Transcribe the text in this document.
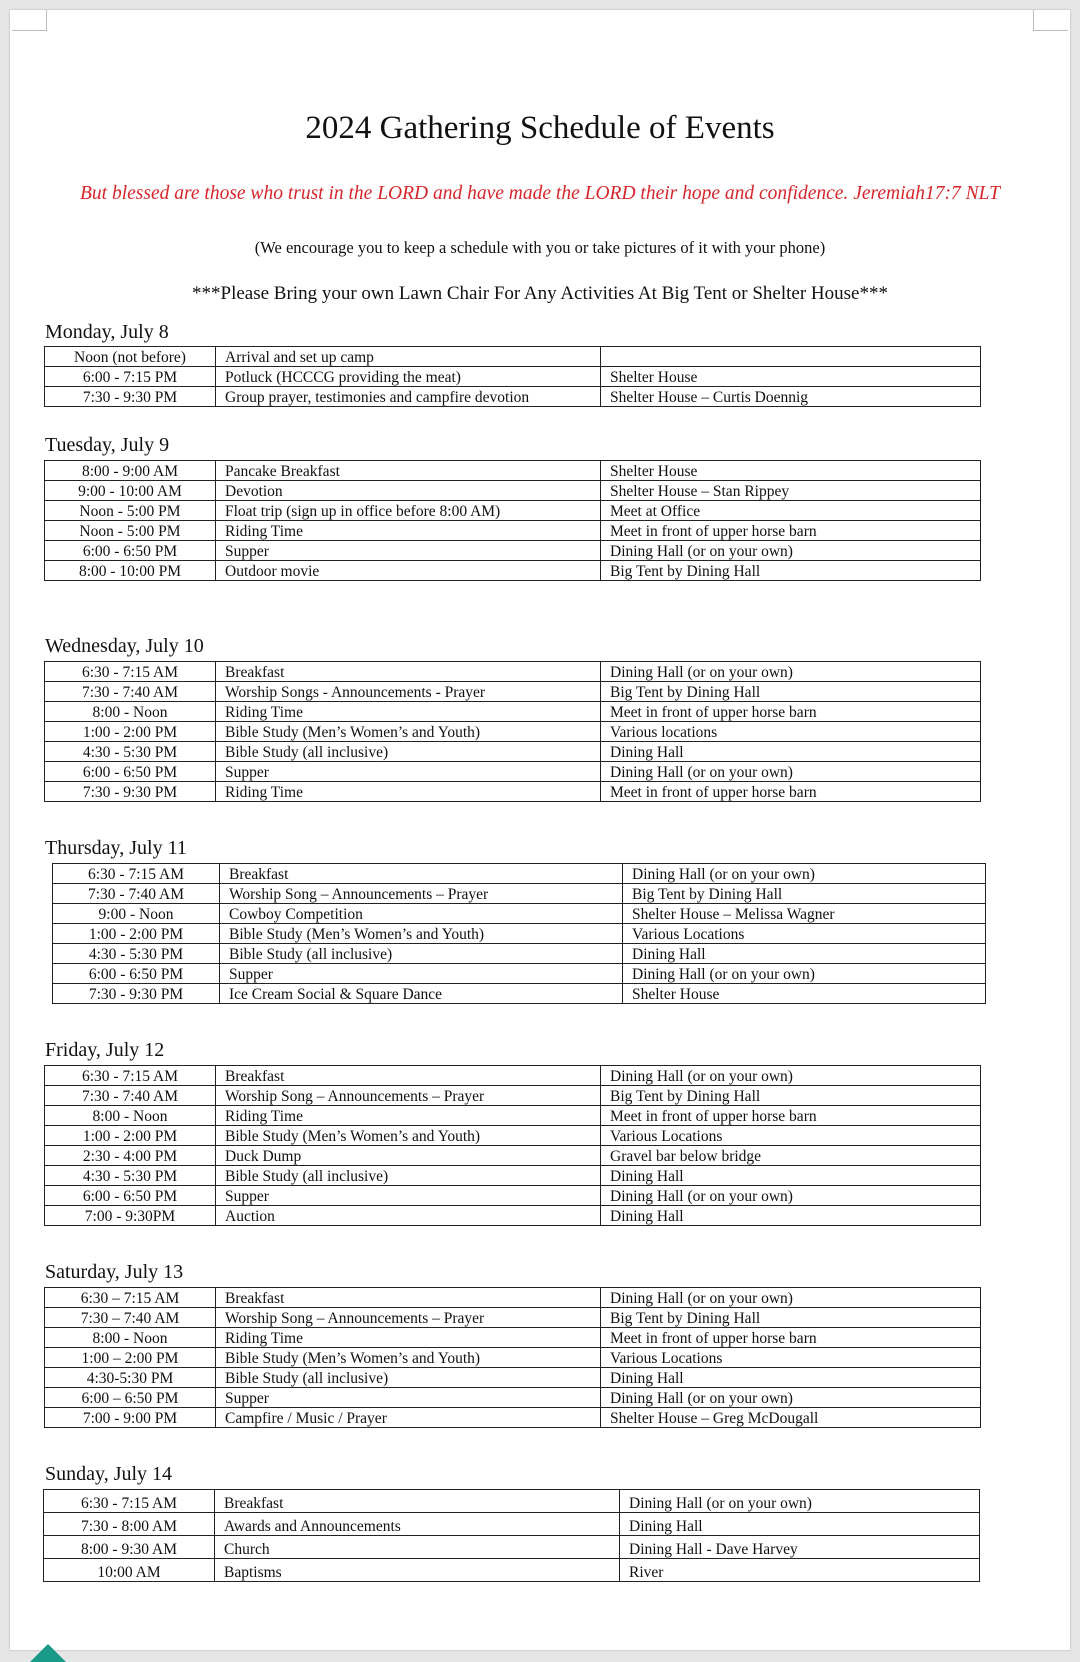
2024 Gathering Schedule of Events
But blessed are those who trust in the LORD and have made the LORD their hope and confidence. Jeremiah17:7 NLT
(We encourage you to keep a schedule with you or take pictures of it with your phone)
***Please Bring your own Lawn Chair For Any Activities At Big Tent or Shelter House***
Monday, July 8
Noon (not before)	Arrival and set up camp	
6:00 - 7:15 PM	Potluck (HCCCG providing the meat)	Shelter House
7:30 - 9:30 PM	Group prayer, testimonies and campfire devotion	Shelter House – Curtis Doennig
Tuesday, July 9
8:00 - 9:00 AM	Pancake Breakfast	Shelter House
9:00 - 10:00 AM	Devotion	Shelter House – Stan Rippey
Noon - 5:00 PM	Float trip (sign up in office before 8:00 AM)	Meet at Office
Noon - 5:00 PM	Riding Time	Meet in front of upper horse barn
6:00 - 6:50 PM	Supper	Dining Hall (or on your own)
8:00 - 10:00 PM	Outdoor movie	Big Tent by Dining Hall
Wednesday, July 10
6:30 - 7:15 AM	Breakfast	Dining Hall (or on your own)
7:30 - 7:40 AM	Worship Songs - Announcements - Prayer	Big Tent by Dining Hall
8:00 - Noon	Riding Time	Meet in front of upper horse barn
1:00 - 2:00 PM	Bible Study (Men’s Women’s and Youth)	Various locations
4:30 - 5:30 PM	Bible Study (all inclusive)	Dining Hall
6:00 - 6:50 PM	Supper	Dining Hall (or on your own)
7:30 - 9:30 PM	Riding Time	Meet in front of upper horse barn
Thursday, July 11
6:30 - 7:15 AM	Breakfast	Dining Hall (or on your own)
7:30 - 7:40 AM	Worship Song – Announcements – Prayer	Big Tent by Dining Hall
9:00 - Noon	Cowboy Competition	Shelter House – Melissa Wagner
1:00 - 2:00 PM	Bible Study (Men’s Women’s and Youth)	Various Locations
4:30 - 5:30 PM	Bible Study (all inclusive)	Dining Hall
6:00 - 6:50 PM	Supper	Dining Hall (or on your own)
7:30 - 9:30 PM	Ice Cream Social & Square Dance	Shelter House
Friday, July 12
6:30 - 7:15 AM	Breakfast	Dining Hall (or on your own)
7:30 - 7:40 AM	Worship Song – Announcements – Prayer	Big Tent by Dining Hall
8:00 - Noon	Riding Time	Meet in front of upper horse barn
1:00 - 2:00 PM	Bible Study (Men’s Women’s and Youth)	Various Locations
2:30 - 4:00 PM	Duck Dump	Gravel bar below bridge
4:30 - 5:30 PM	Bible Study (all inclusive)	Dining Hall
6:00 - 6:50 PM	Supper	Dining Hall (or on your own)
7:00 - 9:30PM	Auction	Dining Hall
Saturday, July 13
6:30 – 7:15 AM	Breakfast	Dining Hall (or on your own)
7:30 – 7:40 AM	Worship Song – Announcements – Prayer	Big Tent by Dining Hall
8:00 - Noon	Riding Time	Meet in front of upper horse barn
1:00 – 2:00 PM	Bible Study (Men’s Women’s and Youth)	Various Locations
4:30-5:30 PM	Bible Study (all inclusive)	Dining Hall
6:00 – 6:50 PM	Supper	Dining Hall (or on your own)
7:00 - 9:00 PM	Campfire / Music / Prayer	Shelter House – Greg McDougall
Sunday, July 14
6:30 - 7:15 AM	Breakfast	Dining Hall (or on your own)
7:30 - 8:00 AM	Awards and Announcements	Dining Hall
8:00 - 9:30 AM	Church	Dining Hall - Dave Harvey
10:00 AM	Baptisms	River
